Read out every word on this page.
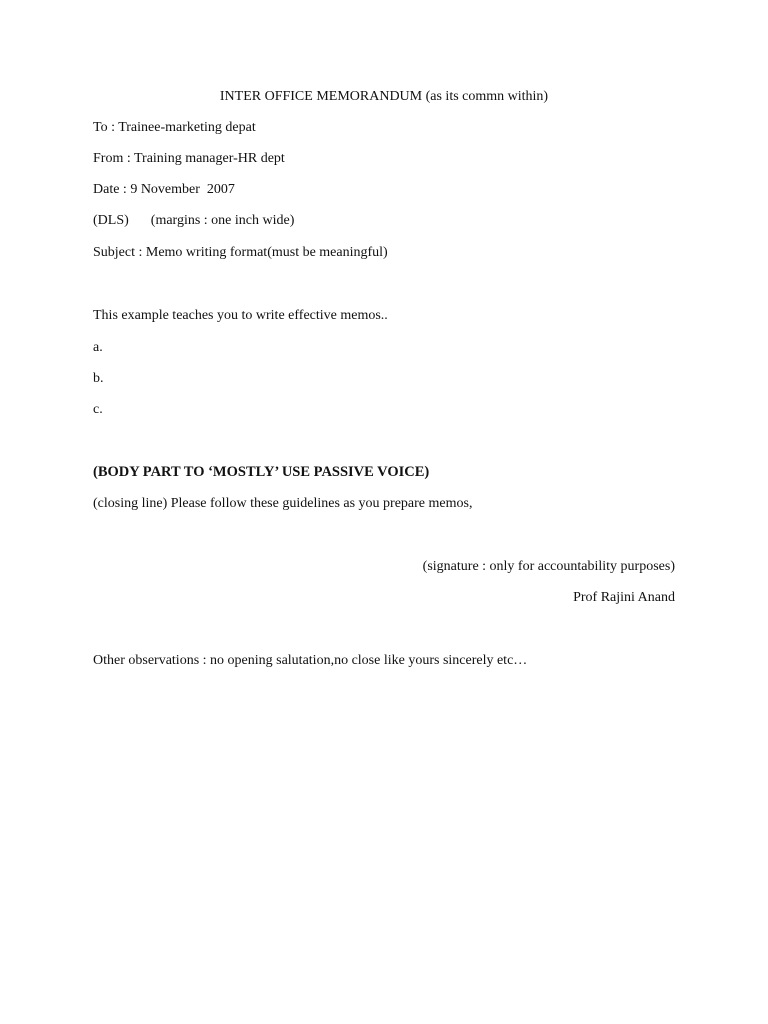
INTER OFFICE MEMORANDUM (as its commn within)
To : Trainee-marketing depat
From : Training manager-HR dept
Date : 9 November  2007
(DLS) (margins : one inch wide)
Subject : Memo writing format(must be meaningful)
This example teaches you to write effective memos..
a.
b.
c.
(BODY PART TO ‘MOSTLY’ USE PASSIVE VOICE)
(closing line) Please follow these guidelines as you prepare memos,
(signature : only for accountability purposes)
Prof Rajini Anand
Other observations : no opening salutation,no close like yours sincerely etc…
